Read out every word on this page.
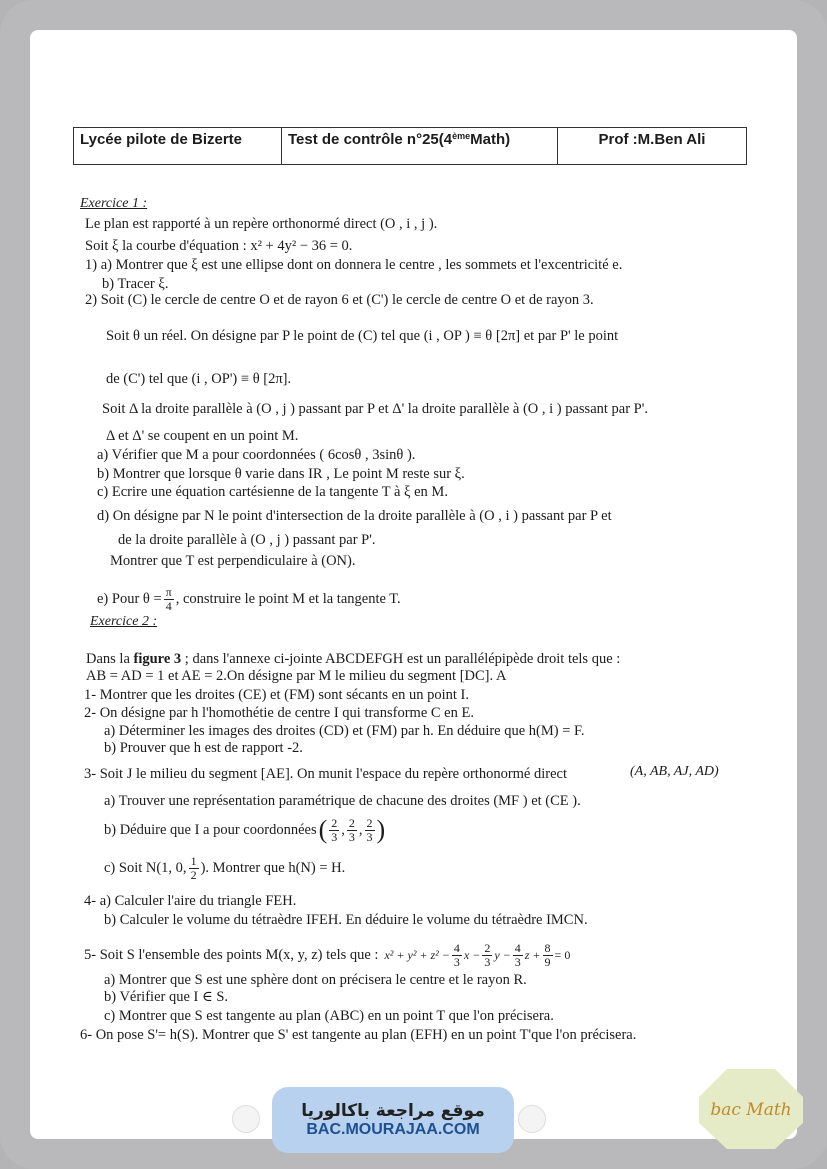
Lycée pilote de Bizerte	Test de contrôle n°25(4ème Math)	Prof :M.Ben Ali
Exercice 1 :
Le plan est rapporté à un repère orthonormé direct (O , i , j ).
Soit ξ la courbe d'équation : x² + 4y² − 36 = 0.
1) a) Montrer que ξ est une ellipse dont on donnera le centre , les sommets et l'excentricité e.
b) Tracer ξ.
2) Soit (C) le cercle de centre O et de rayon 6 et (C') le cercle de centre O et de rayon 3.
Soit θ un réel. On désigne par P le point de (C) tel que (i , OP ) ≡ θ [2π] et par P' le point
de (C') tel que (i , OP') ≡ θ [2π].
Soit Δ la droite parallèle à (O , j ) passant par P et Δ' la droite parallèle à (O , i ) passant par P'.
Δ et Δ' se coupent en un point M.
a) Vérifier que M a pour coordonnées ( 6cosθ , 3sinθ ).
b) Montrer que lorsque θ varie dans IR , Le point M reste sur ξ.
c) Ecrire une équation cartésienne de la tangente T à ξ en M.
d) On désigne par N le point d'intersection de la droite parallèle à (O , i ) passant par P et
de la droite parallèle à (O , j ) passant par P'.
Montrer que T est perpendiculaire à (ON).
e) Pour $\theta = \frac{\pi}{4}$ , construire le point M et la tangente T.
Exercice 2 :
Dans la figure 3 ; dans l'annexe ci-jointe ABCDEFGH est un parallélépipède droit tels que :
AB = AD = 1 et AE = 2.On désigne par M le milieu du segment [DC]. A
1- Montrer que les droites (CE) et (FM) sont sécants en un point I.
2- On désigne par h l'homothétie de centre I qui transforme C en E.
a) Déterminer les images des droites (CD) et (FM) par h. En déduire que h(M) = F.
b) Prouver que h est de rapport -2.
3- Soit J le milieu du segment [AE]. On munit l'espace du repère orthonormé direct	(A, AB, AJ, AD)
a) Trouver une représentation paramétrique de chacune des droites (MF ) et (CE ).
b) Déduire que I a pour coordonnées ( $\frac{2}{3}$ , $\frac{2}{3}$ , $\frac{2}{3}$ )
c) Soit N(1, 0, $\frac{1}{2}$ ). Montrer que h(N) = H.
4- a) Calculer l'aire du triangle FEH.
b) Calculer le volume du tétraèdre IFEH. En déduire le volume du tétraèdre IMCN.
5- Soit S l'ensemble des points M(x, y, z) tels que : $x^2 + y^2 + z^2 - \frac{4}{3}$ $x - \frac{2}{3}$ $y - \frac{4}{3}$ $z + \frac{8}{9} = 0$
a) Montrer que S est une sphère dont on précisera le centre et le rayon R.
b) Vérifier que I ∈ S.
c) Montrer que S est tangente au plan (ABC) en un point T que l'on précisera.
6- On pose S'= h(S). Montrer que S' est tangente au plan (EFH) en un point T'que l'on précisera.
موقع مراجعة باكالوريا
BAC.MOURAJAA.COM
bac Math
